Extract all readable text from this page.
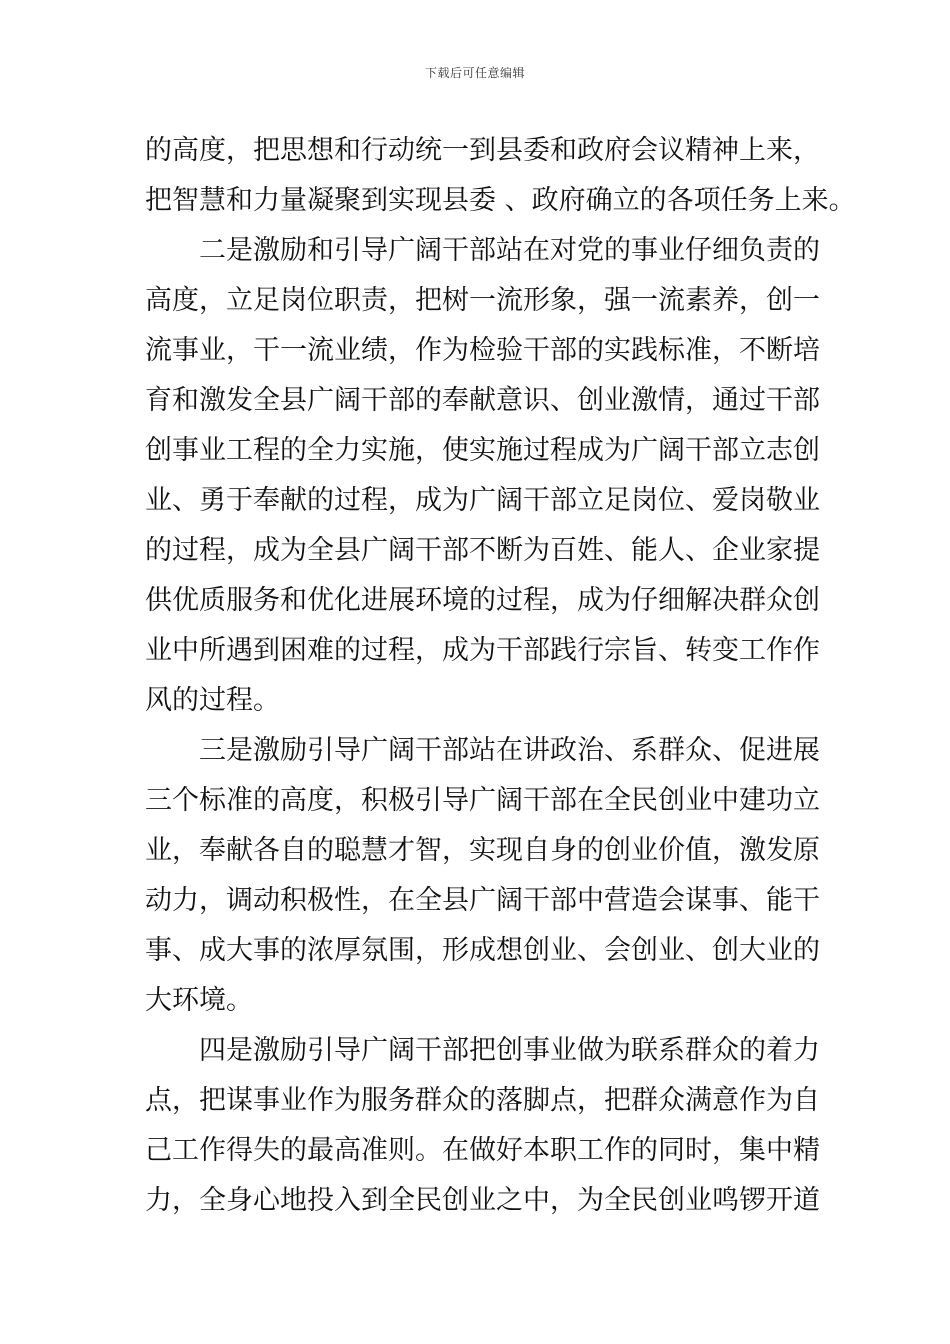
下载后可任意编辑
的高度，把思想和行动统一到县委和政府会议精神上来，
把智慧和力量凝聚到实现县委 、政府确立的各项任务上来。
二是激励和引导广阔干部站在对党的事业仔细负责的
高度，立足岗位职责，把树一流形象，强一流素养，创一
流事业，干一流业绩，作为检验干部的实践标准，不断培
育和激发全县广阔干部的奉献意识、创业激情，通过干部
创事业工程的全力实施，使实施过程成为广阔干部立志创
业、勇于奉献的过程，成为广阔干部立足岗位、爱岗敬业
的过程，成为全县广阔干部不断为百姓、能人、企业家提
供优质服务和优化进展环境的过程，成为仔细解决群众创
业中所遇到困难的过程，成为干部践行宗旨、转变工作作
风的过程。
三是激励引导广阔干部站在讲政治、系群众、促进展
三个标准的高度，积极引导广阔干部在全民创业中建功立
业，奉献各自的聪慧才智，实现自身的创业价值，激发原
动力，调动积极性，在全县广阔干部中营造会谋事、能干
事、成大事的浓厚氛围，形成想创业、会创业、创大业的
大环境。
四是激励引导广阔干部把创事业做为联系群众的着力
点，把谋事业作为服务群众的落脚点，把群众满意作为自
己工作得失的最高准则。在做好本职工作的同时，集中精
力，全身心地投入到全民创业之中，为全民创业鸣锣开道
